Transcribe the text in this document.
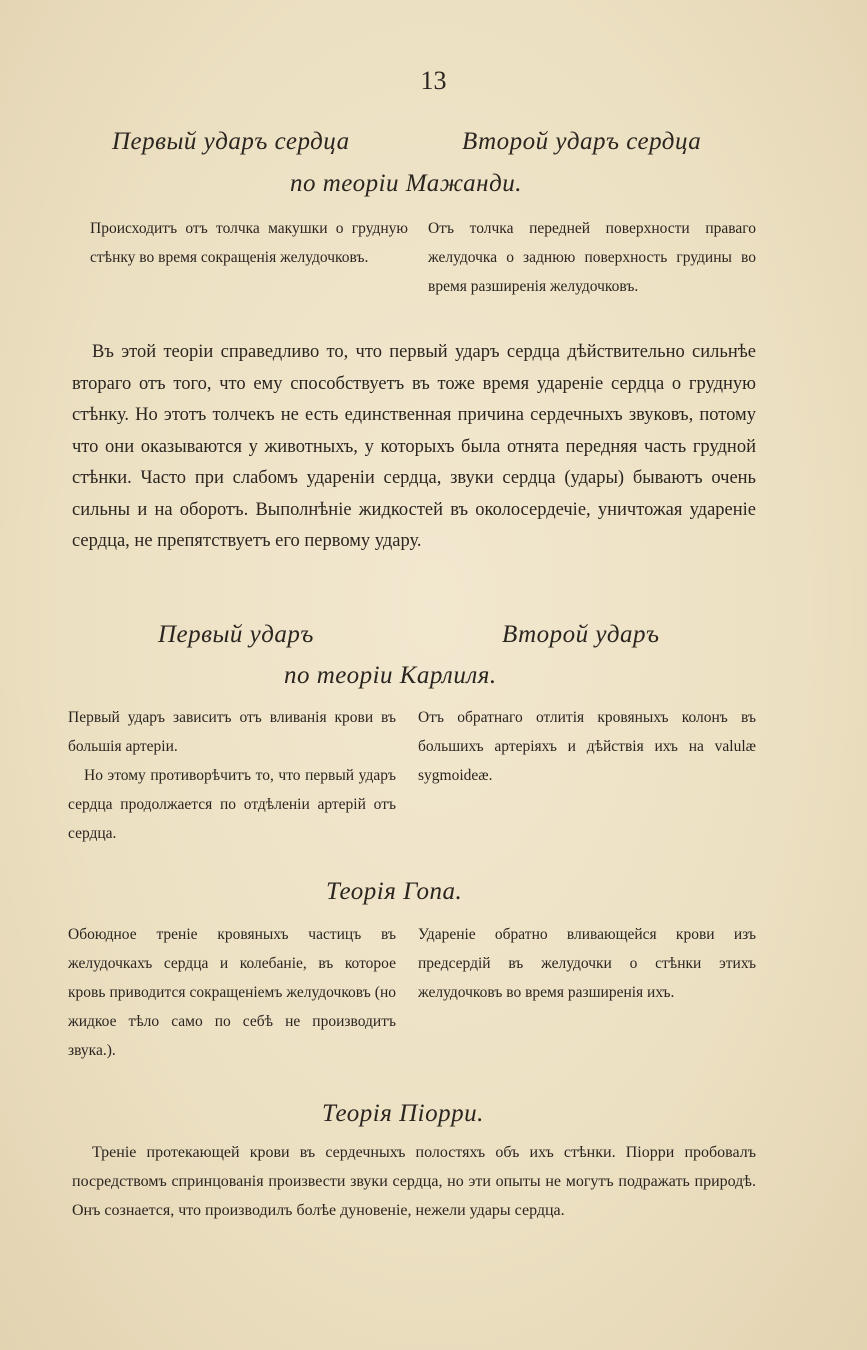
13
Первый ударъ сердца	Второй ударъ сердца
по теоріи Мажанди.
Происходитъ отъ толчка макушки о грудную стѣнку во время сокращенія желудочковъ.
Отъ толчка передней поверхности праваго желудочка о заднюю поверхность грудины во время разширенія желудочковъ.
Въ этой теоріи справедливо то, что первый ударъ сердца дѣйствительно сильнѣе втораго отъ того, что ему способствуетъ въ тоже время удареніе сердца о грудную стѣнку. Но этотъ толчекъ не есть единственная причина сердечныхъ звуковъ, потому что они оказываются у животныхъ, у которыхъ была отнята передняя часть грудной стѣнки. Часто при слабомъ удареніи сердца, звуки сердца (удары) бываютъ очень сильны и на оборотъ. Выполнѣніе жидкостей въ околосердечіе, уничтожая удареніе сердца, не препятствуетъ его первому удару.
Первый ударъ	Второй ударъ
по теоріи Карлиля.

Первый ударъ зависитъ отъ вливанія крови въ большія артеріи.

Но этому противорѣчитъ то, что первый ударъ сердца продолжается по отдѣленіи артерій отъ сердца.

Отъ обратнаго отлитія кровяныхъ колонъ въ большихъ артеріяхъ и дѣйствія ихъ на valulæ sygmoideæ.
Теорія Гопа.
Обоюдное треніе кровяныхъ частицъ въ желудочкахъ сердца и колебаніе, въ которое кровь приводится сокращеніемъ желудочковъ (но жидкое тѣло само по себѣ не производитъ звука.).
Удареніе обратно вливающейся крови изъ предсердій въ желудочки о стѣнки этихъ желудочковъ во время разширенія ихъ.
Теорія Піорри.
Треніе протекающей крови въ сердечныхъ полостяхъ объ ихъ стѣнки. Піорри пробовалъ посредствомъ спринцованія произвести звуки сердца, но эти опыты не могутъ подражать природѣ. Онъ сознается, что производилъ болѣе дуновеніе, нежели удары сердца.
